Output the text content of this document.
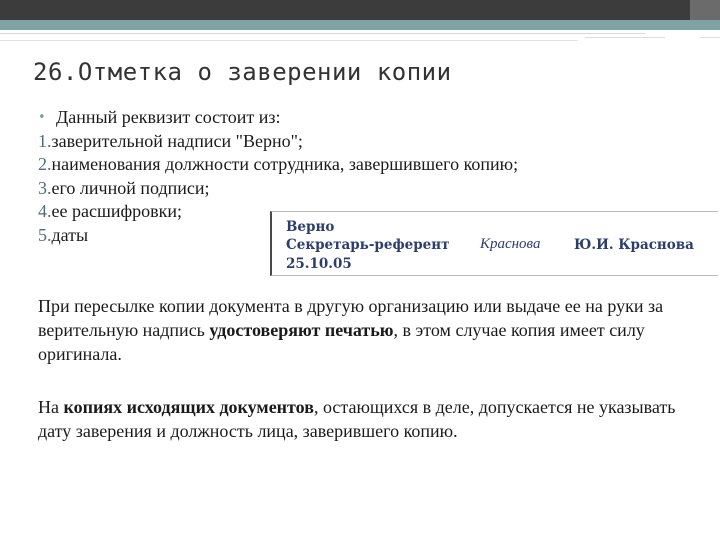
26.Отметка о заверении копии
• Данный реквизит состоит из:
1.заверительной надписи "Верно";
2.наименования должности сотрудника, завершившего копию;
3.его личной подписи;
4.ее расшифровки;
5.даты	Верно
Секретарь-референт Краснова Ю.И. Краснова
25.10.05
При пересылке копии документа в другую организацию или выдаче ее на руки за верительную надпись удостоверяют печатью, в этом случае копия имеет силу оригинала.
На копиях исходящих документов, остающихся в деле, допускается не указывать дату заверения и должность лица, заверившего копию.
